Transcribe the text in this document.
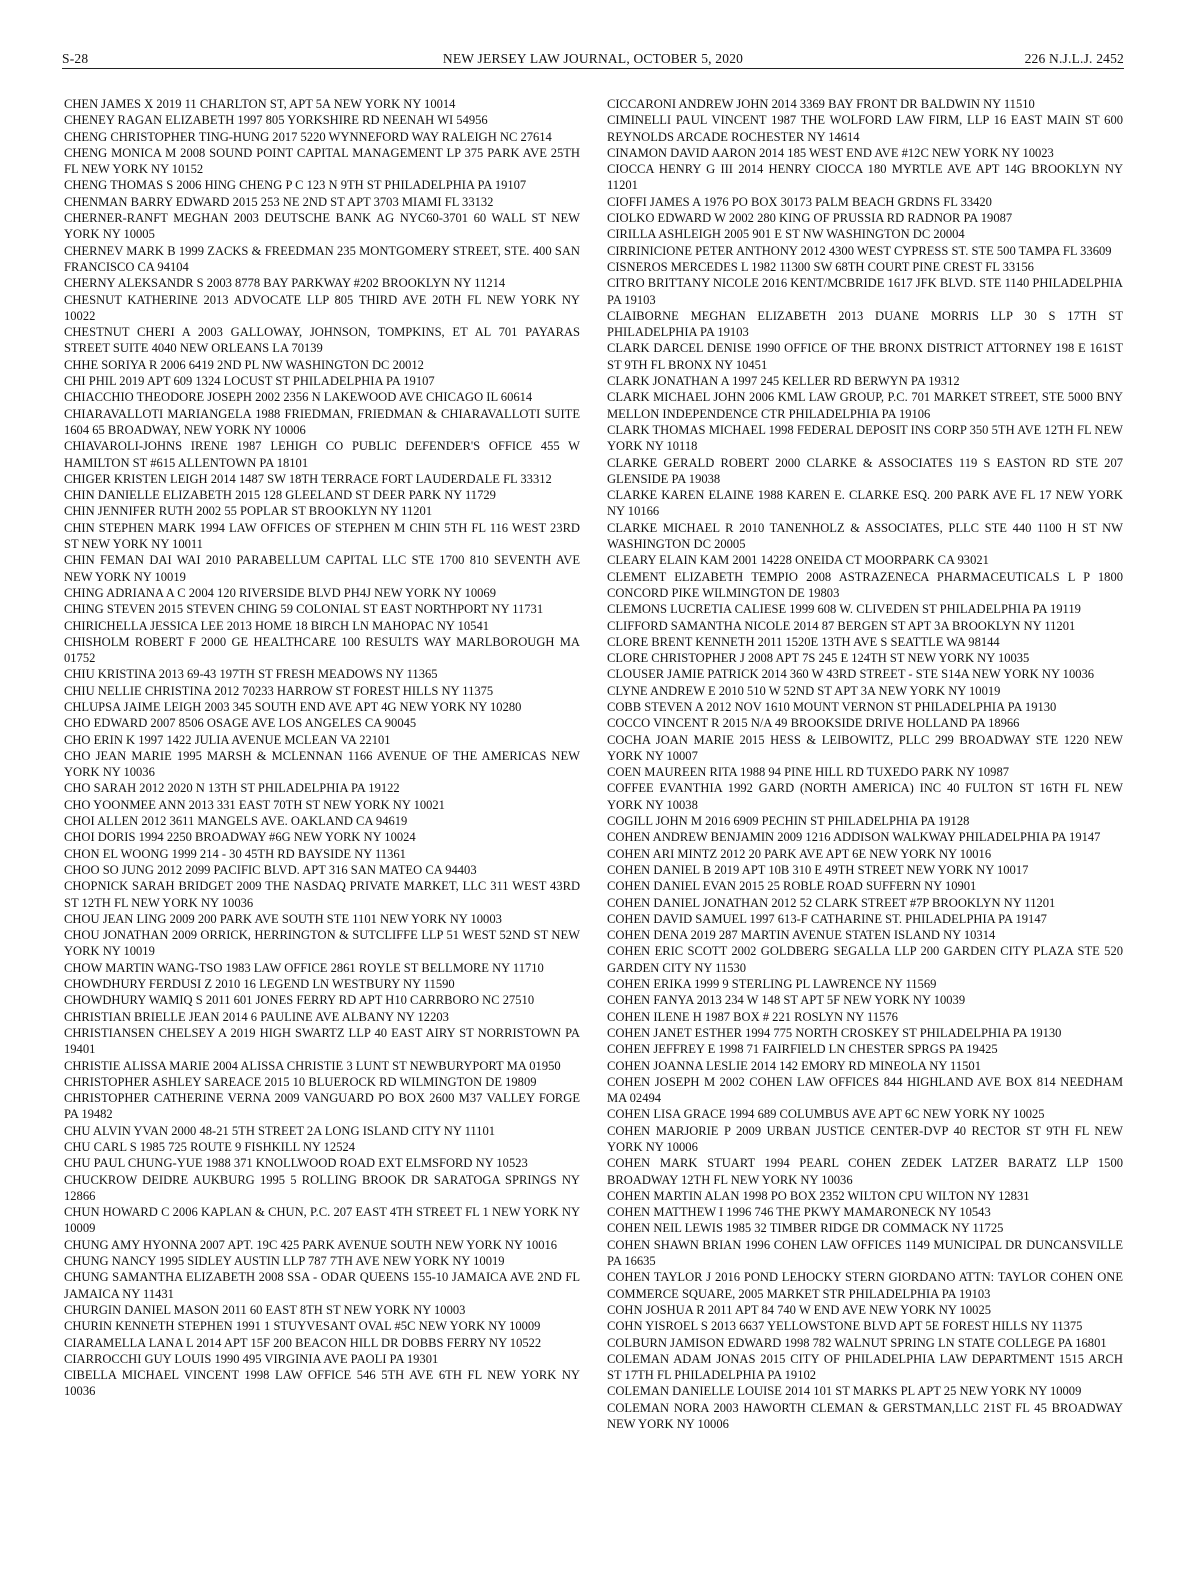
S-28	NEW JERSEY LAW JOURNAL, OCTOBER 5, 2020	226 N.J.L.J. 2452

CHEN JAMES X 2019 11 CHARLTON ST, APT 5A NEW YORK NY 10014

CHENEY RAGAN ELIZABETH 1997 805 YORKSHIRE RD NEENAH WI 54956

CHENG CHRISTOPHER TING-HUNG 2017 5220 WYNNEFORD WAY RALEIGH NC 27614

CHENG MONICA M 2008 SOUND POINT CAPITAL MANAGEMENT LP 375 PARK AVE 25TH FL NEW YORK NY 10152

CHENG THOMAS S 2006 HING CHENG P C 123 N 9TH ST PHILADELPHIA PA 19107

CHENMAN BARRY EDWARD 2015 253 NE 2ND ST APT 3703 MIAMI FL 33132

CHERNER-RANFT MEGHAN 2003 DEUTSCHE BANK AG NYC60-3701 60 WALL ST NEW YORK NY 10005

CHERNEV MARK B 1999 ZACKS & FREEDMAN 235 MONTGOMERY STREET, STE. 400 SAN FRANCISCO CA 94104

CHERNY ALEKSANDR S 2003 8778 BAY PARKWAY #202 BROOKLYN NY 11214

CHESNUT KATHERINE 2013 ADVOCATE LLP 805 THIRD AVE 20TH FL NEW YORK NY 10022

CHESTNUT CHERI A 2003 GALLOWAY, JOHNSON, TOMPKINS, ET AL 701 PAYARAS STREET SUITE 4040 NEW ORLEANS LA 70139

CHHE SORIYA R 2006 6419 2ND PL NW WASHINGTON DC 20012

CHI PHIL 2019 APT 609 1324 LOCUST ST PHILADELPHIA PA 19107

CHIACCHIO THEODORE JOSEPH 2002 2356 N LAKEWOOD AVE CHICAGO IL 60614

CHIARAVALLOTI MARIANGELA 1988 FRIEDMAN, FRIEDMAN & CHIARAVALLOTI SUITE 1604 65 BROADWAY, NEW YORK NY 10006

CHIAVAROLI-JOHNS IRENE 1987 LEHIGH CO PUBLIC DEFENDER'S OFFICE 455 W HAMILTON ST #615 ALLENTOWN PA 18101

CHIGER KRISTEN LEIGH 2014 1487 SW 18TH TERRACE FORT LAUDERDALE FL 33312

CHIN DANIELLE ELIZABETH 2015 128 GLEELAND ST DEER PARK NY 11729

CHIN JENNIFER RUTH 2002 55 POPLAR ST BROOKLYN NY 11201

CHIN STEPHEN MARK 1994 LAW OFFICES OF STEPHEN M CHIN 5TH FL 116 WEST 23RD ST NEW YORK NY 10011

CHIN FEMAN DAI WAI 2010 PARABELLUM CAPITAL LLC STE 1700 810 SEVENTH AVE NEW YORK NY 10019

CHING ADRIANA A C 2004 120 RIVERSIDE BLVD PH4J NEW YORK NY 10069

CHING STEVEN 2015 STEVEN CHING 59 COLONIAL ST EAST NORTHPORT NY 11731

CHIRICHELLA JESSICA LEE 2013 HOME 18 BIRCH LN MAHOPAC NY 10541

CHISHOLM ROBERT F 2000 GE HEALTHCARE 100 RESULTS WAY MARLBOROUGH MA 01752

CHIU KRISTINA 2013 69-43 197TH ST FRESH MEADOWS NY 11365

CHIU NELLIE CHRISTINA 2012 70233 HARROW ST FOREST HILLS NY 11375

CHLUPSA JAIME LEIGH 2003 345 SOUTH END AVE APT 4G NEW YORK NY 10280

CHO EDWARD 2007 8506 OSAGE AVE LOS ANGELES CA 90045

CHO ERIN K 1997 1422 JULIA AVENUE MCLEAN VA 22101

CHO JEAN MARIE 1995 MARSH & MCLENNAN 1166 AVENUE OF THE AMERICAS NEW YORK NY 10036

CHO SARAH 2012 2020 N 13TH ST PHILADELPHIA PA 19122

CHO YOONMEE ANN 2013 331 EAST 70TH ST NEW YORK NY 10021

CHOI ALLEN 2012 3611 MANGELS AVE. OAKLAND CA 94619

CHOI DORIS 1994 2250 BROADWAY #6G NEW YORK NY 10024

CHON EL WOONG 1999 214 - 30 45TH RD BAYSIDE NY 11361

CHOO SO JUNG 2012 2099 PACIFIC BLVD. APT 316 SAN MATEO CA 94403

CHOPNICK SARAH BRIDGET 2009 THE NASDAQ PRIVATE MARKET, LLC 311 WEST 43RD ST 12TH FL NEW YORK NY 10036

CHOU JEAN LING 2009 200 PARK AVE SOUTH STE 1101 NEW YORK NY 10003

CHOU JONATHAN 2009 ORRICK, HERRINGTON & SUTCLIFFE LLP 51 WEST 52ND ST NEW YORK NY 10019

CHOW MARTIN WANG-TSO 1983 LAW OFFICE 2861 ROYLE ST BELLMORE NY 11710

CHOWDHURY FERDUSI Z 2010 16 LEGEND LN WESTBURY NY 11590

CHOWDHURY WAMIQ S 2011 601 JONES FERRY RD APT H10 CARRBORO NC 27510

CHRISTIAN BRIELLE JEAN 2014 6 PAULINE AVE ALBANY NY 12203

CHRISTIANSEN CHELSEY A 2019 HIGH SWARTZ LLP 40 EAST AIRY ST NORRISTOWN PA 19401

CHRISTIE ALISSA MARIE 2004 ALISSA CHRISTIE 3 LUNT ST NEWBURYPORT MA 01950

CHRISTOPHER ASHLEY SAREACE 2015 10 BLUEROCK RD WILMINGTON DE 19809

CHRISTOPHER CATHERINE VERNA 2009 VANGUARD PO BOX 2600 M37 VALLEY FORGE PA 19482

CHU ALVIN YVAN 2000 48-21 5TH STREET 2A LONG ISLAND CITY NY 11101

CHU CARL S 1985 725 ROUTE 9 FISHKILL NY 12524

CHU PAUL CHUNG-YUE 1988 371 KNOLLWOOD ROAD EXT ELMSFORD NY 10523

CHUCKROW DEIDRE AUKBURG 1995 5 ROLLING BROOK DR SARATOGA SPRINGS NY 12866

CHUN HOWARD C 2006 KAPLAN & CHUN, P.C. 207 EAST 4TH STREET FL 1 NEW YORK NY 10009

CHUNG AMY HYONNA 2007 APT. 19C 425 PARK AVENUE SOUTH NEW YORK NY 10016

CHUNG NANCY 1995 SIDLEY AUSTIN LLP 787 7TH AVE NEW YORK NY 10019

CHUNG SAMANTHA ELIZABETH 2008 SSA - ODAR QUEENS 155-10 JAMAICA AVE 2ND FL JAMAICA NY 11431

CHURGIN DANIEL MASON 2011 60 EAST 8TH ST NEW YORK NY 10003

CHURIN KENNETH STEPHEN 1991 1 STUYVESANT OVAL #5C NEW YORK NY 10009

CIARAMELLA LANA L 2014 APT 15F 200 BEACON HILL DR DOBBS FERRY NY 10522

CIARROCCHI GUY LOUIS 1990 495 VIRGINIA AVE PAOLI PA 19301

CIBELLA MICHAEL VINCENT 1998 LAW OFFICE 546 5TH AVE 6TH FL NEW YORK NY 10036

CICCARONI ANDREW JOHN 2014 3369 BAY FRONT DR BALDWIN NY 11510

CIMINELLI PAUL VINCENT 1987 THE WOLFORD LAW FIRM, LLP 16 EAST MAIN ST 600 REYNOLDS ARCADE ROCHESTER NY 14614

CINAMON DAVID AARON 2014 185 WEST END AVE #12C NEW YORK NY 10023

CIOCCA HENRY G III 2014 HENRY CIOCCA 180 MYRTLE AVE APT 14G BROOKLYN NY 11201

CIOFFI JAMES A 1976 PO BOX 30173 PALM BEACH GRDNS FL 33420

CIOLKO EDWARD W 2002 280 KING OF PRUSSIA RD RADNOR PA 19087

CIRILLA ASHLEIGH 2005 901 E ST NW WASHINGTON DC 20004

CIRRINICIONE PETER ANTHONY 2012 4300 WEST CYPRESS ST. STE 500 TAMPA FL 33609

CISNEROS MERCEDES L 1982 11300 SW 68TH COURT PINE CREST FL 33156

CITRO BRITTANY NICOLE 2016 KENT/MCBRIDE 1617 JFK BLVD. STE 1140 PHILADELPHIA PA 19103

CLAIBORNE MEGHAN ELIZABETH 2013 DUANE MORRIS LLP 30 S 17TH ST PHILADELPHIA PA 19103

CLARK DARCEL DENISE 1990 OFFICE OF THE BRONX DISTRICT ATTORNEY 198 E 161ST ST 9TH FL BRONX NY 10451

CLARK JONATHAN A 1997 245 KELLER RD BERWYN PA 19312

CLARK MICHAEL JOHN 2006 KML LAW GROUP, P.C. 701 MARKET STREET, STE 5000 BNY MELLON INDEPENDENCE CTR PHILADELPHIA PA 19106

CLARK THOMAS MICHAEL 1998 FEDERAL DEPOSIT INS CORP 350 5TH AVE 12TH FL NEW YORK NY 10118

CLARKE GERALD ROBERT 2000 CLARKE & ASSOCIATES 119 S EASTON RD STE 207 GLENSIDE PA 19038

CLARKE KAREN ELAINE 1988 KAREN E. CLARKE ESQ. 200 PARK AVE FL 17 NEW YORK NY 10166

CLARKE MICHAEL R 2010 TANENHOLZ & ASSOCIATES, PLLC STE 440 1100 H ST NW WASHINGTON DC 20005

CLEARY ELAIN KAM 2001 14228 ONEIDA CT MOORPARK CA 93021

CLEMENT ELIZABETH TEMPIO 2008 ASTRAZENECA PHARMACEUTICALS L P 1800 CONCORD PIKE WILMINGTON DE 19803

CLEMONS LUCRETIA CALIESE 1999 608 W. CLIVEDEN ST PHILADELPHIA PA 19119

CLIFFORD SAMANTHA NICOLE 2014 87 BERGEN ST APT 3A BROOKLYN NY 11201

CLORE BRENT KENNETH 2011 1520E 13TH AVE S SEATTLE WA 98144

CLORE CHRISTOPHER J 2008 APT 7S 245 E 124TH ST NEW YORK NY 10035

CLOUSER JAMIE PATRICK 2014 360 W 43RD STREET - STE S14A NEW YORK NY 10036

CLYNE ANDREW E 2010 510 W 52ND ST APT 3A NEW YORK NY 10019

COBB STEVEN A 2012 NOV 1610 MOUNT VERNON ST PHILADELPHIA PA 19130

COCCO VINCENT R 2015 N/A 49 BROOKSIDE DRIVE HOLLAND PA 18966

COCHA JOAN MARIE 2015 HESS & LEIBOWITZ, PLLC 299 BROADWAY STE 1220 NEW YORK NY 10007

COEN MAUREEN RITA 1988 94 PINE HILL RD TUXEDO PARK NY 10987

COFFEE EVANTHIA 1992 GARD (NORTH AMERICA) INC 40 FULTON ST 16TH FL NEW YORK NY 10038

COGILL JOHN M 2016 6909 PECHIN ST PHILADELPHIA PA 19128

COHEN ANDREW BENJAMIN 2009 1216 ADDISON WALKWAY PHILADELPHIA PA 19147

COHEN ARI MINTZ 2012 20 PARK AVE APT 6E NEW YORK NY 10016

COHEN DANIEL B 2019 APT 10B 310 E 49TH STREET NEW YORK NY 10017

COHEN DANIEL EVAN 2015 25 ROBLE ROAD SUFFERN NY 10901

COHEN DANIEL JONATHAN 2012 52 CLARK STREET #7P BROOKLYN NY 11201

COHEN DAVID SAMUEL 1997 613-F CATHARINE ST. PHILADELPHIA PA 19147

COHEN DENA 2019 287 MARTIN AVENUE STATEN ISLAND NY 10314

COHEN ERIC SCOTT 2002 GOLDBERG SEGALLA LLP 200 GARDEN CITY PLAZA STE 520 GARDEN CITY NY 11530

COHEN ERIKA 1999 9 STERLING PL LAWRENCE NY 11569

COHEN FANYA 2013 234 W 148 ST APT 5F NEW YORK NY 10039

COHEN ILENE H 1987 BOX # 221 ROSLYN NY 11576

COHEN JANET ESTHER 1994 775 NORTH CROSKEY ST PHILADELPHIA PA 19130

COHEN JEFFREY E 1998 71 FAIRFIELD LN CHESTER SPRGS PA 19425

COHEN JOANNA LESLIE 2014 142 EMORY RD MINEOLA NY 11501

COHEN JOSEPH M 2002 COHEN LAW OFFICES 844 HIGHLAND AVE BOX 814 NEEDHAM MA 02494

COHEN LISA GRACE 1994 689 COLUMBUS AVE APT 6C NEW YORK NY 10025

COHEN MARJORIE P 2009 URBAN JUSTICE CENTER-DVP 40 RECTOR ST 9TH FL NEW YORK NY 10006

COHEN MARK STUART 1994 PEARL COHEN ZEDEK LATZER BARATZ LLP 1500 BROADWAY 12TH FL NEW YORK NY 10036

COHEN MARTIN ALAN 1998 PO BOX 2352 WILTON CPU WILTON NY 12831

COHEN MATTHEW I 1996 746 THE PKWY MAMARONECK NY 10543

COHEN NEIL LEWIS 1985 32 TIMBER RIDGE DR COMMACK NY 11725

COHEN SHAWN BRIAN 1996 COHEN LAW OFFICES 1149 MUNICIPAL DR DUNCANSVILLE PA 16635

COHEN TAYLOR J 2016 POND LEHOCKY STERN GIORDANO ATTN: TAYLOR COHEN ONE COMMERCE SQUARE, 2005 MARKET STR PHILADELPHIA PA 19103

COHN JOSHUA R 2011 APT 84 740 W END AVE NEW YORK NY 10025

COHN YISROEL S 2013 6637 YELLOWSTONE BLVD APT 5E FOREST HILLS NY 11375

COLBURN JAMISON EDWARD 1998 782 WALNUT SPRING LN STATE COLLEGE PA 16801

COLEMAN ADAM JONAS 2015 CITY OF PHILADELPHIA LAW DEPARTMENT 1515 ARCH ST 17TH FL PHILADELPHIA PA 19102

COLEMAN DANIELLE LOUISE 2014 101 ST MARKS PL APT 25 NEW YORK NY 10009

COLEMAN NORA 2003 HAWORTH CLEMAN & GERSTMAN,LLC 21ST FL 45 BROADWAY NEW YORK NY 10006
